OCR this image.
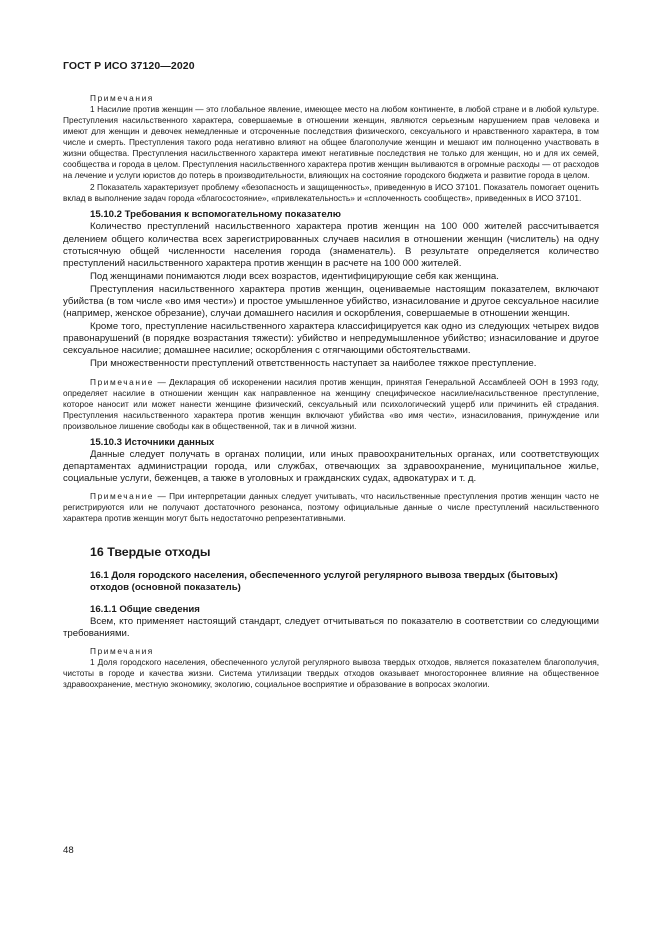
ГОСТ Р ИСО 37120—2020

Примечания

1 Насилие против женщин — это глобальное явление, имеющее место на любом континенте, в любой стране и в любой культуре. Преступления насильственного характера, совершаемые в отношении женщин, являются серьезным нарушением прав человека и имеют для женщин и девочек немедленные и отсроченные последствия физического, сексуального и нравственного характера, в том числе и смерть. Преступления такого рода негативно влияют на общее благополучие женщин и мешают им полноценно участвовать в жизни общества. Преступления насильственного характера имеют негативные последствия не только для женщин, но и для их семей, сообщества и города в целом. Преступления насильственного характера против женщин выливаются в огромные расходы — от расходов на лечение и услуги юристов до потерь в производительности, влияющих на состояние городского бюджета и развитие города в целом.

2 Показатель характеризует проблему «безопасность и защищенность», приведенную в ИСО 37101. Показатель помогает оценить вклад в выполнение задач города «благосостояние», «привлекательность» и «сплоченность сообществ», приведенных в ИСО 37101.

15.10.2 Требования к вспомогательному показателю

Количество преступлений насильственного характера против женщин на 100 000 жителей рассчитывается делением общего количества всех зарегистрированных случаев насилия в отношении женщин (числитель) на одну стотысячную общей численности населения города (знаменатель). В результате определяется количество преступлений насильственного характера против женщин в расчете на 100 000 жителей.

Под женщинами понимаются люди всех возрастов, идентифицирующие себя как женщина.

Преступления насильственного характера против женщин, оцениваемые настоящим показателем, включают убийства (в том числе «во имя чести») и простое умышленное убийство, изнасилование и другое сексуальное насилие (например, женское обрезание), случаи домашнего насилия и оскорбления, совершаемые в отношении женщин.

Кроме того, преступление насильственного характера классифицируется как одно из следующих четырех видов правонарушений (в порядке возрастания тяжести): убийство и непредумышленное убийство; изнасилование и другое сексуальное насилие; домашнее насилие; оскорбления с отягчающими обстоятельствами.

При множественности преступлений ответственность наступает за наиболее тяжкое преступление.

Примечание — Декларация об искоренении насилия против женщин, принятая Генеральной Ассамблеей ООН в 1993 году, определяет насилие в отношении женщин как направленное на женщину специфическое насилие/насильственное преступление, которое наносит или может нанести женщине физический, сексуальный или психологический ущерб или причинить ей страдания. Преступления насильственного характера против женщин включают убийства «во имя чести», изнасилования, принуждение или произвольное лишение свободы как в общественной, так и в личной жизни.

15.10.3 Источники данных

Данные следует получать в органах полиции, или иных правоохранительных органах, или соответствующих департаментах администрации города, или службах, отвечающих за здравоохранение, муниципальное жилье, социальные услуги, беженцев, а также в уголовных и гражданских судах, адвокатурах и т. д.

Примечание — При интерпретации данных следует учитывать, что насильственные преступления против женщин часто не регистрируются или не получают достаточного резонанса, поэтому официальные данные о числе преступлений насильственного характера против женщин могут быть недостаточно репрезентативными.

16 Твердые отходы

16.1 Доля городского населения, обеспеченного услугой регулярного вывоза твердых (бытовых) отходов (основной показатель)

16.1.1 Общие сведения

Всем, кто применяет настоящий стандарт, следует отчитываться по показателю в соответствии со следующими требованиями.

Примечания

1 Доля городского населения, обеспеченного услугой регулярного вывоза твердых отходов, является показателем благополучия, чистоты в городе и качества жизни. Система утилизации твердых отходов оказывает многостороннее влияние на общественное здравоохранение, местную экономику, экологию, социальное восприятие и образование в вопросах экологии.

48
